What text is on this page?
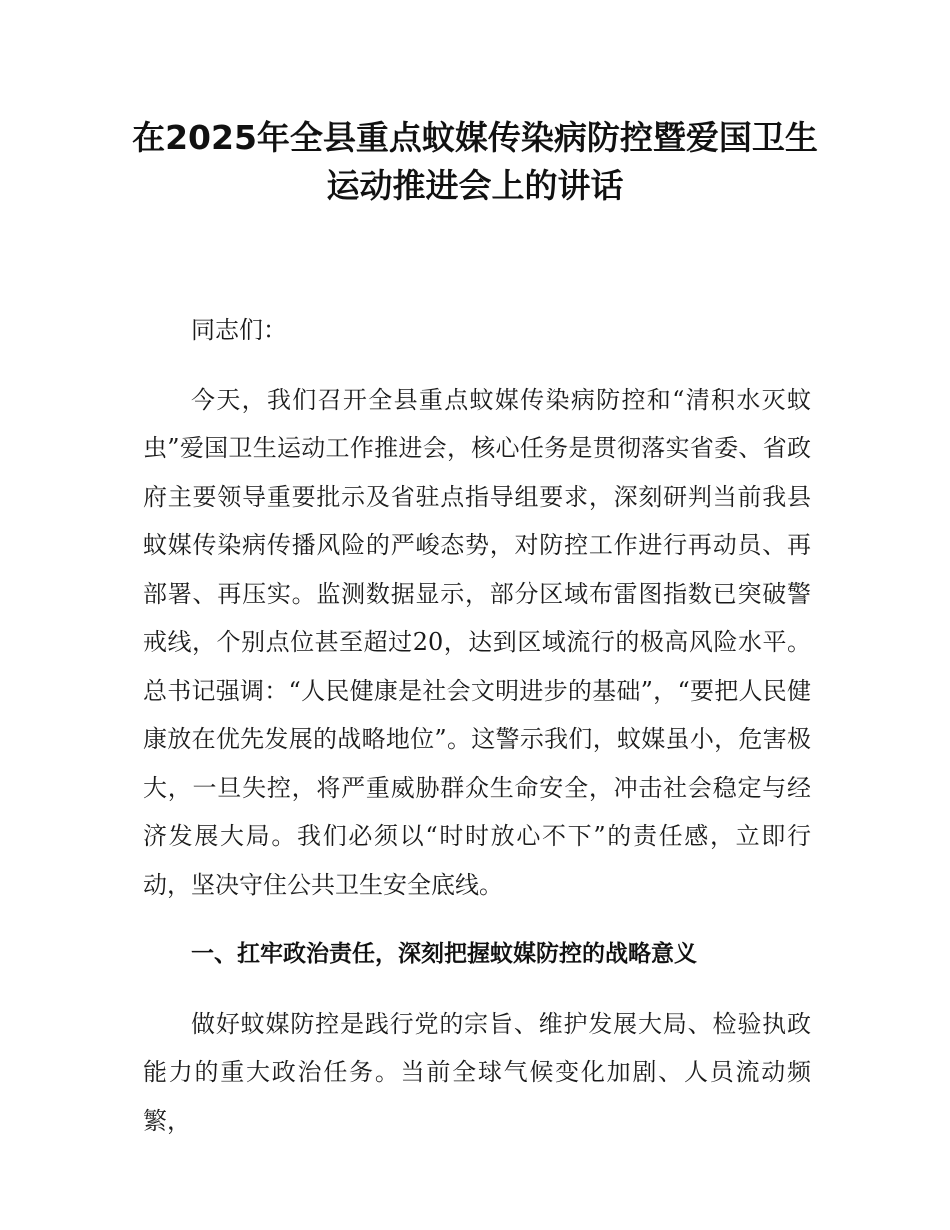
在2025年全县重点蚊媒传染病防控暨爱国卫生运动推进会上的讲话

同志们：

今天，我们召开全县重点蚊媒传染病防控和“清积水灭蚊虫”爱国卫生运动工作推进会，核心任务是贯彻落实省委、省政府主要领导重要批示及省驻点指导组要求，深刻研判当前我县蚊媒传染病传播风险的严峻态势，对防控工作进行再动员、再部署、再压实。监测数据显示，部分区域布雷图指数已突破警戒线，个别点位甚至超过20，达到区域流行的极高风险水平。总书记强调：“人民健康是社会文明进步的基础”，“要把人民健康放在优先发展的战略地位”。这警示我们，蚊媒虽小，危害极大，一旦失控，将严重威胁群众生命安全，冲击社会稳定与经济发展大局。我们必须以“时时放心不下”的责任感，立即行动，坚决守住公共卫生安全底线。

一、扛牢政治责任，深刻把握蚊媒防控的战略意义

做好蚊媒防控是践行党的宗旨、维护发展大局、检验执政能力的重大政治任务。当前全球气候变化加剧、人员流动频繁，
